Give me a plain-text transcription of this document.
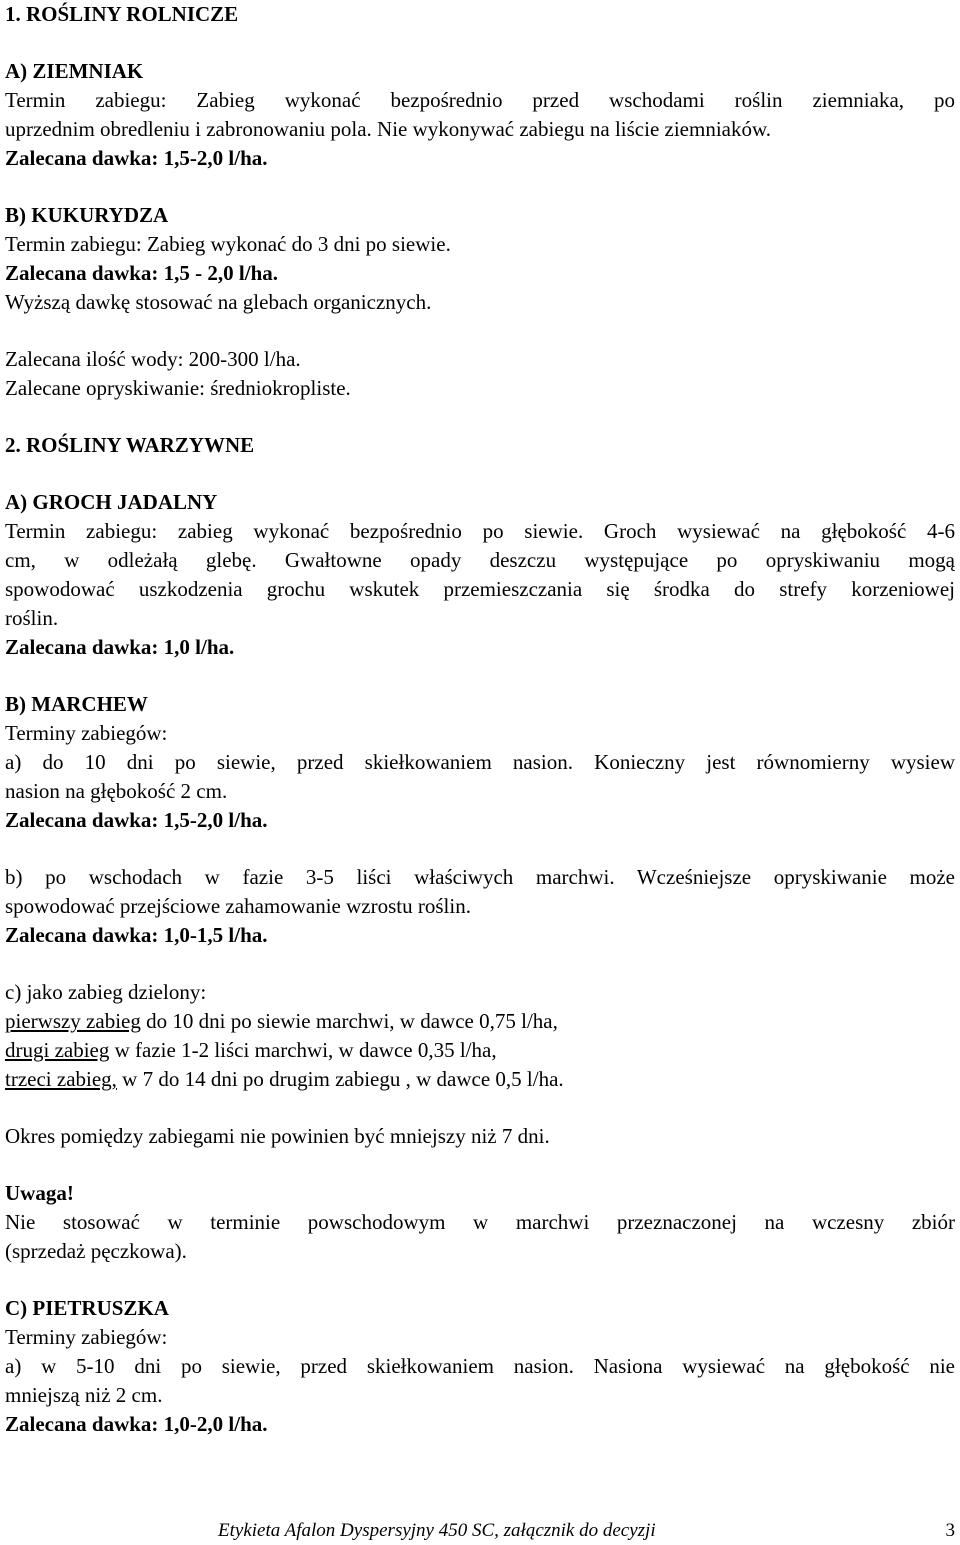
1. ROŚLINY ROLNICZE
A) ZIEMNIAK
Termin zabiegu: Zabieg wykonać bezpośrednio przed wschodami roślin ziemniaka, po
uprzednim obredleniu i zabronowaniu pola. Nie wykonywać zabiegu na liście ziemniaków.
Zalecana dawka: 1,5-2,0 l/ha.
B) KUKURYDZA
Termin zabiegu: Zabieg wykonać do 3 dni po siewie.
Zalecana dawka: 1,5 - 2,0 l/ha.
Wyższą dawkę stosować na glebach organicznych.
Zalecana ilość wody: 200-300 l/ha.
Zalecane opryskiwanie: średniokropliste.
2. ROŚLINY WARZYWNE
A) GROCH JADALNY
Termin zabiegu: zabieg wykonać bezpośrednio po siewie. Groch wysiewać na głębokość 4-6
cm, w odleżałą glebę. Gwałtowne opady deszczu występujące po opryskiwaniu mogą
spowodować uszkodzenia grochu wskutek przemieszczania się środka do strefy korzeniowej
roślin.
Zalecana dawka: 1,0 l/ha.
B) MARCHEW
Terminy zabiegów:
a) do 10 dni po siewie, przed skiełkowaniem nasion. Konieczny jest równomierny wysiew
nasion na głębokość 2 cm.
Zalecana dawka: 1,5-2,0 l/ha.
b) po wschodach w fazie 3-5 liści właściwych marchwi. Wcześniejsze opryskiwanie może
spowodować przejściowe zahamowanie wzrostu roślin.
Zalecana dawka: 1,0-1,5 l/ha.
c) jako zabieg dzielony:
pierwszy zabieg do 10 dni po siewie marchwi, w dawce 0,75 l/ha,
drugi zabieg w fazie 1-2 liści marchwi, w dawce 0,35 l/ha,
trzeci zabieg, w 7 do 14 dni po drugim zabiegu , w dawce 0,5 l/ha.
Okres pomiędzy zabiegami nie powinien być mniejszy niż 7 dni.
Uwaga!
Nie stosować w terminie powschodowym w marchwi przeznaczonej na wczesny zbiór
(sprzedaż pęczkowa).
C) PIETRUSZKA
Terminy zabiegów:
a) w 5-10 dni po siewie, przed skiełkowaniem nasion. Nasiona wysiewać na głębokość nie
mniejszą niż 2 cm.
Zalecana dawka: 1,0-2,0 l/ha.
Etykieta Afalon Dyspersyjny 450 SC, załącznik do decyzji	3
